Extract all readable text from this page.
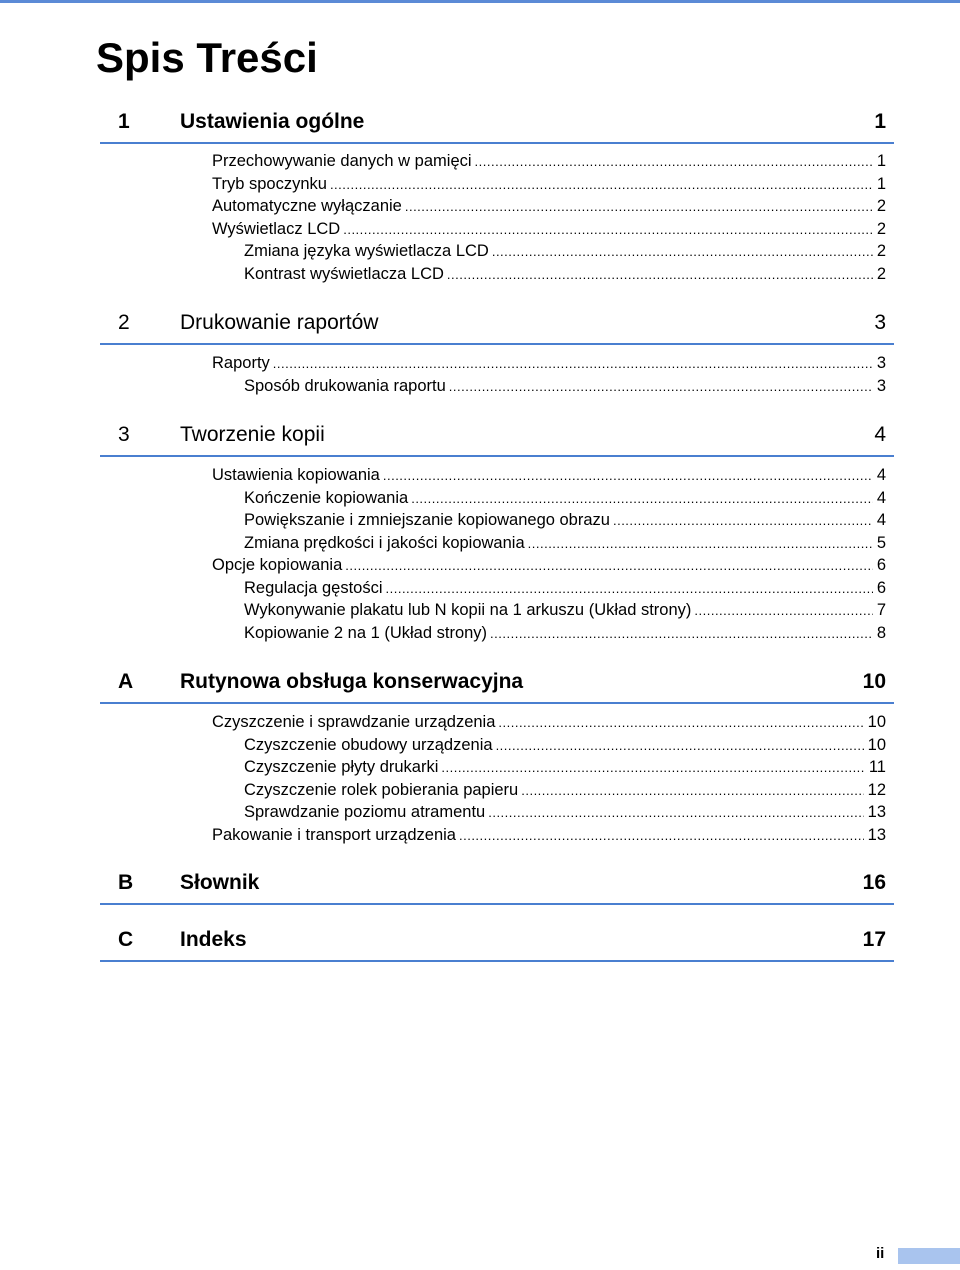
Spis Treści
1 Ustawienia ogólne	1
Przechowywanie danych w pamięci .....	1
Tryb spoczynku .....	1
Automatyczne wyłączanie .....	2
Wyświetlacz LCD .....	2
Zmiana języka wyświetlacza LCD .....	2
Kontrast wyświetlacza LCD .....	2
2 Drukowanie raportów	3
Raporty .....	3
Sposób drukowania raportu .....	3
3 Tworzenie kopii	4
Ustawienia kopiowania .....	4
Kończenie kopiowania .....	4
Powiększanie i zmniejszanie kopiowanego obrazu .....	4
Zmiana prędkości i jakości kopiowania .....	5
Opcje kopiowania .....	6
Regulacja gęstości .....	6
Wykonywanie plakatu lub N kopii na 1 arkuszu (Układ strony) .....	7
Kopiowanie 2 na 1 (Układ strony) .....	8
A Rutynowa obsługa konserwacyjna	10
Czyszczenie i sprawdzanie urządzenia .....	10
Czyszczenie obudowy urządzenia .....	10
Czyszczenie płyty drukarki .....	11
Czyszczenie rolek pobierania papieru .....	12
Sprawdzanie poziomu atramentu .....	13
Pakowanie i transport urządzenia .....	13
B Słownik	16
C Indeks	17
ii
